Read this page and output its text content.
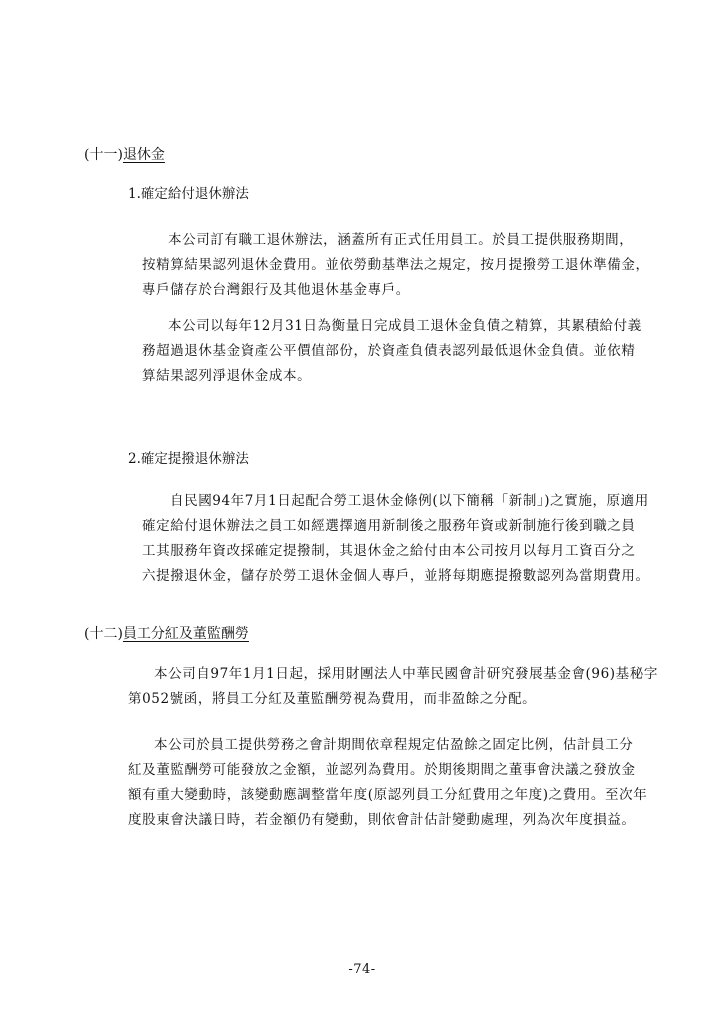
(十一)退休金
1.確定給付退休辦法
本公司訂有職工退休辦法，涵蓋所有正式任用員工。於員工提供服務期間，
按精算結果認列退休金費用。並依勞動基準法之規定，按月提撥勞工退休準備金，
專戶儲存於台灣銀行及其他退休基金專戶。
本公司以每年12月31日為衡量日完成員工退休金負債之精算，其累積給付義
務超過退休基金資產公平價值部份，於資產負債表認列最低退休金負債。並依精
算結果認列淨退休金成本。
2.確定提撥退休辦法
自民國94年7月1日起配合勞工退休金條例(以下簡稱「新制」)之實施，原適用
確定給付退休辦法之員工如經選擇適用新制後之服務年資或新制施行後到職之員
工其服務年資改採確定提撥制，其退休金之給付由本公司按月以每月工資百分之
六提撥退休金，儲存於勞工退休金個人專戶，並將每期應提撥數認列為當期費用。
(十二)員工分紅及董監酬勞
本公司自97年1月1日起，採用財團法人中華民國會計研究發展基金會(96)基秘字
第052號函，將員工分紅及董監酬勞視為費用，而非盈餘之分配。
本公司於員工提供勞務之會計期間依章程規定估盈餘之固定比例，估計員工分
紅及董監酬勞可能發放之金額，並認列為費用。於期後期間之董事會決議之發放金
額有重大變動時，該變動應調整當年度(原認列員工分紅費用之年度)之費用。至次年
度股東會決議日時，若金額仍有變動，則依會計估計變動處理，列為次年度損益。
-74-
